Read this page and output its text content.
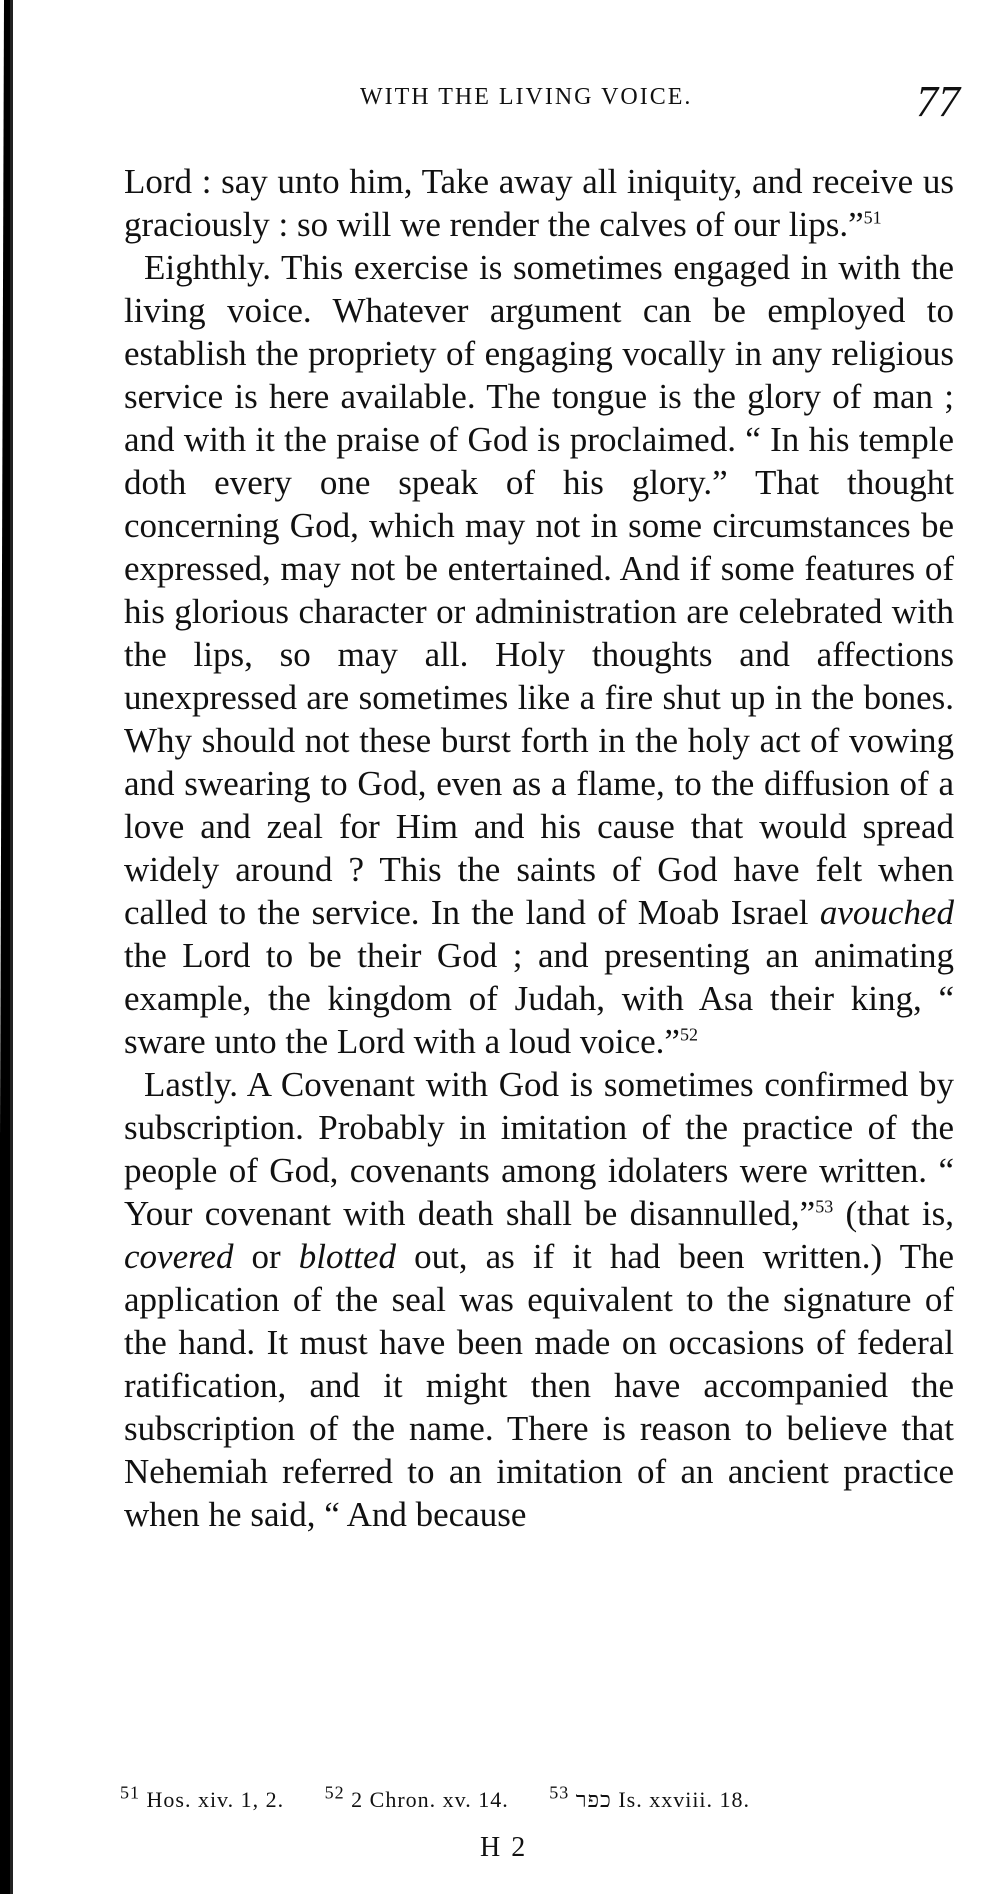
WITH THE LIVING VOICE.	77

Lord : say unto him, Take away all iniquity, and receive us graciously : so will we render the calves of our lips.”$^{51}$

Eighthly. This exercise is sometimes engaged in with the living voice. Whatever argument can be employed to establish the propriety of engaging vocally in any religious service is here available. The tongue is the glory of man ; and with it the praise of God is proclaimed. “ In his temple doth every one speak of his glory.” That thought concerning God, which may not in some circumstances be expressed, may not be entertained. And if some features of his glorious character or administration are celebrated with the lips, so may all. Holy thoughts and affections unexpressed are sometimes like a fire shut up in the bones. Why should not these burst forth in the holy act of vowing and swearing to God, even as a flame, to the diffusion of a love and zeal for Him and his cause that would spread widely around ? This the saints of God have felt when called to the service. In the land of Moab Israel avouched the Lord to be their God ; and presenting an animating example, the kingdom of Judah, with Asa their king, “ sware unto the Lord with a loud voice.”$^{52}$

Lastly. A Covenant with God is sometimes confirmed by subscription. Probably in imitation of the practice of the people of God, covenants among idolaters were written. “ Your covenant with death shall be disannulled,”$^{53}$ (that is, covered or blotted out, as if it had been written.) The application of the seal was equivalent to the signature of the hand. It must have been made on occasions of federal ratification, and it might then have accompanied the subscription of the name. There is reason to believe that Nehemiah referred to an imitation of an ancient practice when he said, “ And because

$^{51}$ Hos. xiv. 1, 2. $^{52}$ 2 Chron. xv. 14. $^{53}$ כפר Is. xxviii. 18.
H 2
